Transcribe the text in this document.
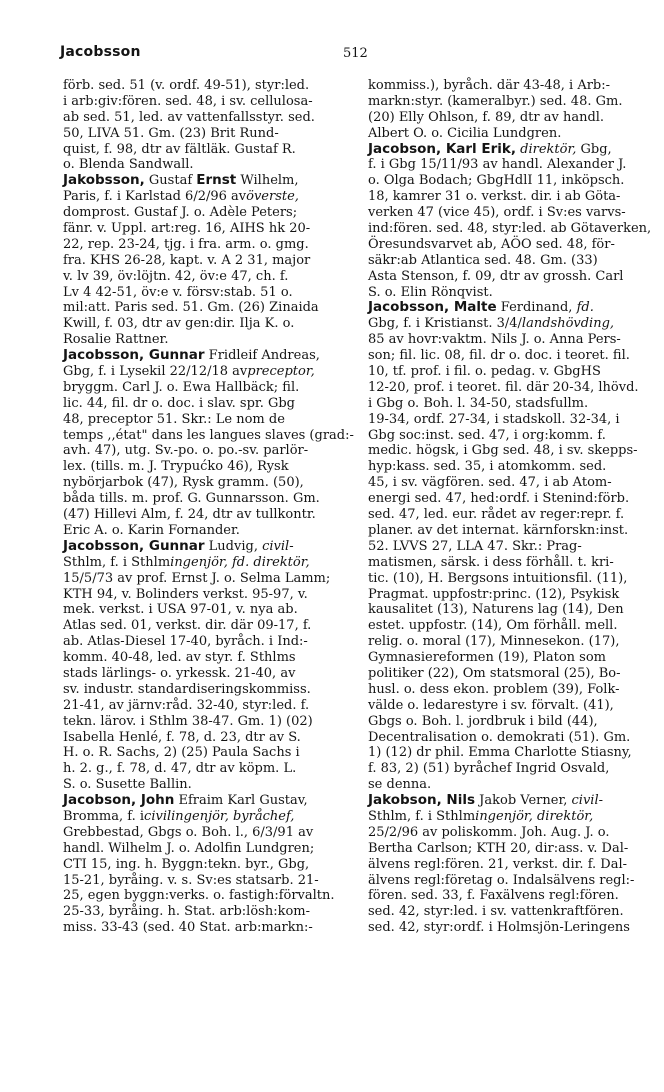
Jacobsson	512
förb. sed. 51 (v. ordf. 49-51), styr:led.
i arb:giv:fören. sed. 48, i sv. cellulosa-
ab sed. 51, led. av vattenfallsstyr. sed.
50, LIVA 51. Gm. (23) Brit Rund-
quist, f. 98, dtr av fältläk. Gustaf R.
o. Blenda Sandwall.
Jakobsson, Gustaf Ernst Wilhelm,
Paris, f. i Karlstad 6/2/96 avöverste,
domprost. Gustaf J. o. Adèle Peters;
fänr. v. Uppl. art:reg. 16, AIHS hk 20-
22, rep. 23-24, tjg. i fra. arm. o. gmg.
fra. KHS 26-28, kapt. v. A 2 31, major
v. lv 39, öv:löjtn. 42, öv:e 47, ch. f.
Lv 4 42-51, öv:e v. försv:stab. 51 o.
mil:att. Paris sed. 51. Gm. (26) Zinaida
Kwill, f. 03, dtr av gen:dir. Ilja K. o.
Rosalie Rattner.
Jacobsson, Gunnar Fridleif Andreas,
Gbg, f. i Lysekil 22/12/18 avpreceptor,
bryggm. Carl J. o. Ewa Hallbäck; fil.
lic. 44, fil. dr o. doc. i slav. spr. Gbg
48, preceptor 51. Skr.: Le nom de
temps ,,état" dans les langues slaves (grad:-
avh. 47), utg. Sv.-po. o. po.-sv. parlör-
lex. (tills. m. J. Trypućko 46), Rysk
nybörjarbok (47), Rysk gramm. (50),
båda tills. m. prof. G. Gunnarsson. Gm.
(47) Hillevi Alm, f. 24, dtr av tullkontr.
Eric A. o. Karin Fornander.
Jacobsson, Gunnar Ludvig, civil-
Sthlm, f. i Sthlmingenjör, fd. direktör,
15/5/73 av prof. Ernst J. o. Selma Lamm;
KTH 94, v. Bolinders verkst. 95-97, v.
mek. verkst. i USA 97-01, v. nya ab.
Atlas sed. 01, verkst. dir. där 09-17, f.
ab. Atlas-Diesel 17-40, byråch. i Ind:-
komm. 40-48, led. av styr. f. Sthlms
stads lärlings- o. yrkessk. 21-40, av
sv. industr. standardiseringskommiss.
21-41, av järnv:råd. 32-40, styr:led. f.
tekn. lärov. i Sthlm 38-47. Gm. 1) (02)
Isabella Henlé, f. 78, d. 23, dtr av S.
H. o. R. Sachs, 2) (25) Paula Sachs i
h. 2. g., f. 78, d. 47, dtr av köpm. L.
S. o. Susette Ballin.
Jacobson, John Efraim Karl Gustav,
Bromma, f. icivilingenjör, byråchef,
Grebbestad, Gbgs o. Boh. l., 6/3/91 av
handl. Wilhelm J. o. Adolfin Lundgren;
CTI 15, ing. h. Byggn:tekn. byr., Gbg,
15-21, byråing. v. s. Sv:es statsarb. 21-
25, egen byggn:verks. o. fastigh:förvaltn.
25-33, byråing. h. Stat. arb:lösh:kom-
miss. 33-43 (sed. 40 Stat. arb:markn:-
kommiss.), byråch. där 43-48, i Arb:-
markn:styr. (kameralbyr.) sed. 48. Gm.
(20) Elly Ohlson, f. 89, dtr av handl.
Albert O. o. Cicilia Lundgren.
Jacobson, Karl Erik, direktör, Gbg,
f. i Gbg 15/11/93 av handl. Alexander J.
o. Olga Bodach; GbgHdlI 11, inköpsch.
18, kamrer 31 o. verkst. dir. i ab Göta-
verken 47 (vice 45), ordf. i Sv:es varvs-
ind:fören. sed. 48, styr:led. ab Götaverken,
Öresundsvarvet ab, AÖO sed. 48, för-
säkr:ab Atlantica sed. 48. Gm. (33)
Asta Stenson, f. 09, dtr av grossh. Carl
S. o. Elin Rönqvist.
Jacobsson, Malte Ferdinand, fd.
Gbg, f. i Kristianst. 3/4/landshövding,
85 av hovr:vaktm. Nils J. o. Anna Pers-
son; fil. lic. 08, fil. dr o. doc. i teoret. fil.
10, tf. prof. i fil. o. pedag. v. GbgHS
12-20, prof. i teoret. fil. där 20-34, lhövd.
i Gbg o. Boh. l. 34-50, stadsfullm.
19-34, ordf. 27-34, i stadskoll. 32-34, i
Gbg soc:inst. sed. 47, i org:komm. f.
medic. högsk, i Gbg sed. 48, i sv. skepps-
hyp:kass. sed. 35, i atomkomm. sed.
45, i sv. vägfören. sed. 47, i ab Atom-
energi sed. 47, hed:ordf. i Stenind:förb.
sed. 47, led. eur. rådet av reger:repr. f.
planer. av det internat. kärnforskn:inst.
52. LVVS 27, LLA 47. Skr.: Prag-
matismen, särsk. i dess förhåll. t. kri-
tic. (10), H. Bergsons intuitionsfil. (11),
Pragmat. uppfostr:princ. (12), Psykisk
kausalitet (13), Naturens lag (14), Den
estet. uppfostr. (14), Om förhåll. mell.
relig. o. moral (17), Minnesekon. (17),
Gymnasiereformen (19), Platon som
politiker (22), Om statsmoral (25), Bo-
husl. o. dess ekon. problem (39), Folk-
välde o. ledarestyre i sv. förvalt. (41),
Gbgs o. Boh. l. jordbruk i bild (44),
Decentralisation o. demokrati (51). Gm.
1) (12) dr phil. Emma Charlotte Stiasny,
f. 83, 2) (51) byråchef Ingrid Osvald,
se denna.
Jakobson, Nils Jakob Verner, civil-
Sthlm, f. i Sthlmingenjör, direktör,
25/2/96 av poliskomm. Joh. Aug. J. o.
Bertha Carlson; KTH 20, dir:ass. v. Dal-
älvens regl:fören. 21, verkst. dir. f. Dal-
älvens regl:företag o. Indalsälvens regl:-
fören. sed. 33, f. Faxälvens regl:fören.
sed. 42, styr:led. i sv. vattenkraftfören.
sed. 42, styr:ordf. i Holmsjön-Leringens
